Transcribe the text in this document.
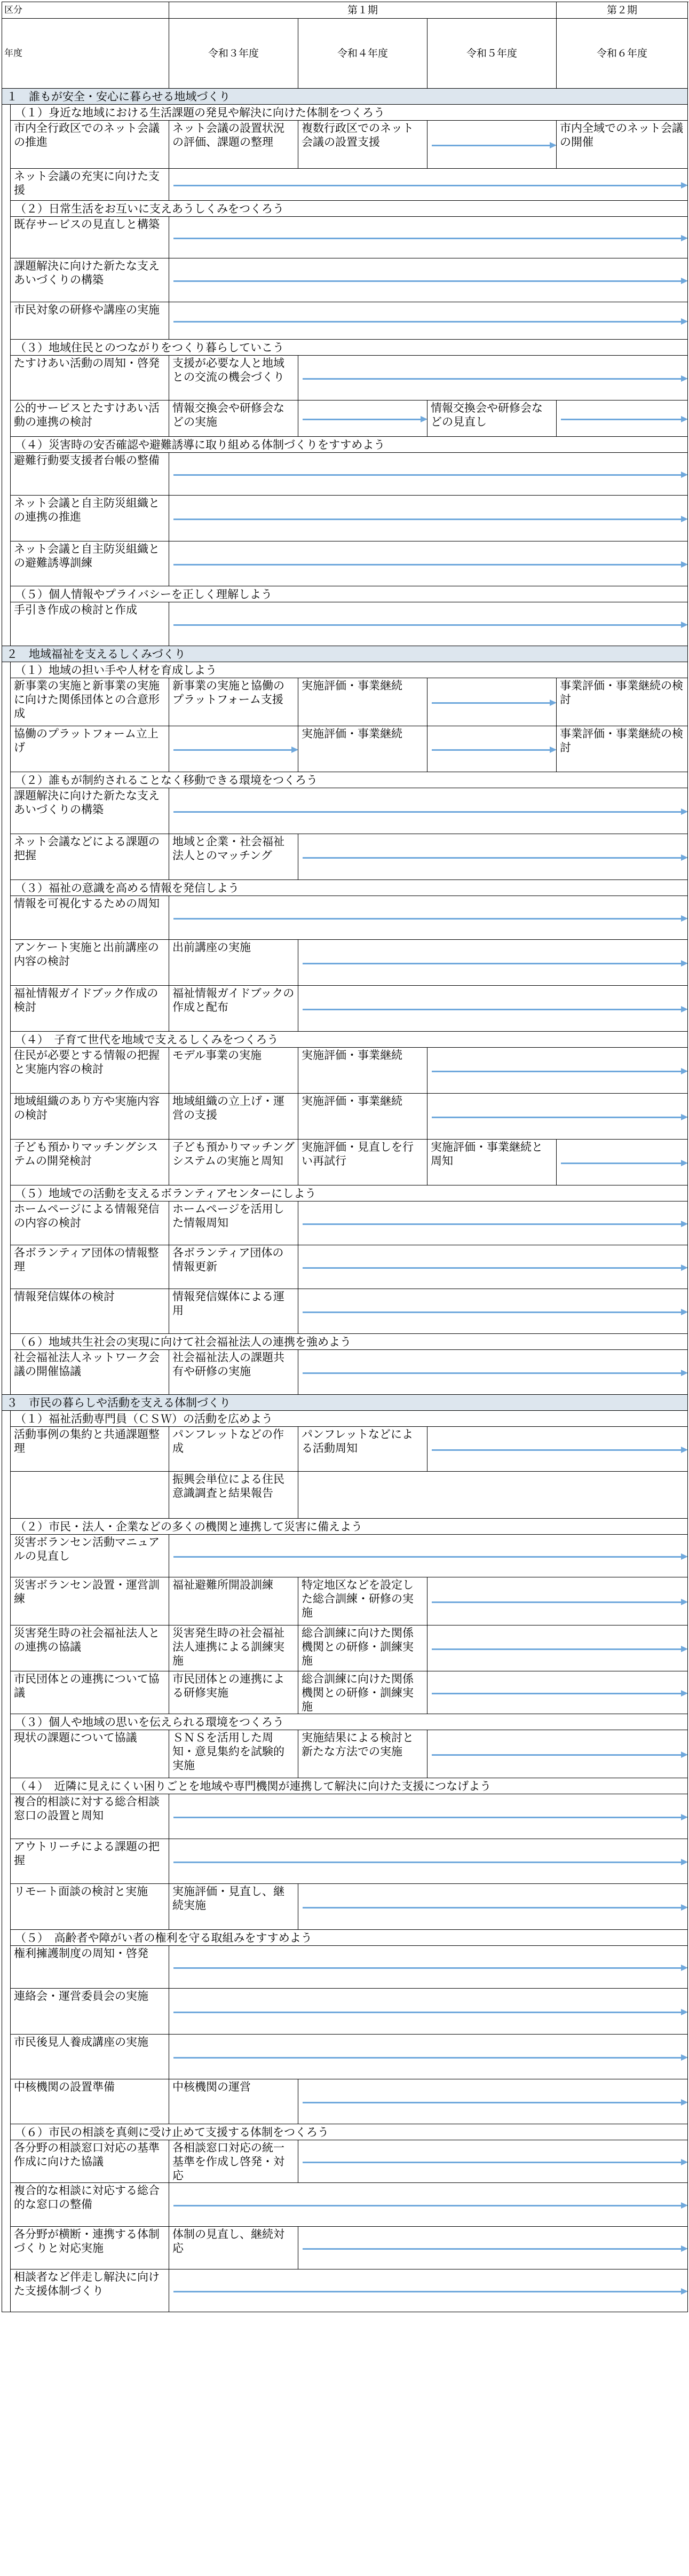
区分		第１期			第２期	
年度		令和３年度	令和４年度	令和５年度	令和６年度	
１　誰もが安全・安心に暮らせる地域づくり						
	（１）身近な地域における生活課題の発見や解決に向けた体制をつくろう					
	市内全行政区でのネット会議の推進	ネット会議の設置状況の評価、課題の整理	複数行政区でのネット会議の設置支援		市内全域でのネット会議の開催	
	ネット会議の充実に向けた支援					

	（２）日常生活をお互いに支えあうしくみをつくろう					
	既存サービスの見直しと構築					

	課題解決に向けた新たな支えあいづくりの構築					

	市民対象の研修や講座の実施					

	（３）地域住民とのつながりをつくり暮らしていこう					
	たすけあい活動の周知・啓発	支援が必要な人と地域との交流の機会づくり				

	公的サービスとたすけあい活動の連携の検討	情報交換会や研修会などの実施		情報交換会や研修会などの見直し		

	（４）災害時の安否確認や避難誘導に取り組める体制づくりをすすめよう					
	避難行動要支援者台帳の整備					

	ネット会議と自主防災組織との連携の推進					

	ネット会議と自主防災組織との避難誘導訓練					

	（５）個人情報やプライバシーを正しく理解しよう					
	手引き作成の検討と作成					

２　地域福祉を支えるしくみづくり						
	（１）地域の担い手や人材を育成しよう					
	新事業の実施と新事業の実施に向けた関係団体との合意形成	新事業の実施と協働のプラットフォーム支援	実施評価・事業継続		事業評価・事業継続の検討	
	協働のプラットフォーム立上げ		実施評価・事業継続		事業評価・事業継続の検討	
	（２）誰もが制約されることなく移動できる環境をつくろう					
	課題解決に向けた新たな支えあいづくりの構築					

	ネット会議などによる課題の把握	地域と企業・社会福祉法人とのマッチング				

	（３）福祉の意識を高める情報を発信しよう					
	情報を可視化するための周知					

	アンケート実施と出前講座の内容の検討	出前講座の実施				

	福祉情報ガイドブック作成の検討	福祉情報ガイドブックの作成と配布				

	（４）　子育て世代を地域で支えるしくみをつくろう					
	住民が必要とする情報の把握と実施内容の検討	モデル事業の実施	実施評価・事業継続			

	地域組織のあり方や実施内容の検討	地域組織の立上げ・運営の支援	実施評価・事業継続			

	子ども預かりマッチングシステムの開発検討	子ども預かりマッチングシステムの実施と周知	実施評価・見直しを行い再試行	実施評価・事業継続と周知		

	（５）地域での活動を支えるボランティアセンターにしよう					
	ホームページによる情報発信の内容の検討	ホームページを活用した情報周知				

	各ボランティア団体の情報整理	各ボランティア団体の情報更新				

	情報発信媒体の検討	情報発信媒体による運用				

	（６）地域共生社会の実現に向けて社会福祉法人の連携を強めよう					
	社会福祉法人ネットワーク会議の開催協議	社会福祉法人の課題共有や研修の実施				

３　市民の暮らしや活動を支える体制づくり						
	（１）福祉活動専門員（ＣＳＷ）の活動を広めよう					
	活動事例の集約と共通課題整理	パンフレットなどの作成	パンフレットなどによる活動周知			

		振興会単位による住民意識調査と結果報告				
	（２）市民・法人・企業などの多くの機関と連携して災害に備えよう					
	災害ボランセン活動マニュアルの見直し					

	災害ボランセン設置・運営訓練	福祉避難所開設訓練	特定地区などを設定した総合訓練・研修の実施			

	災害発生時の社会福祉法人との連携の協議	災害発生時の社会福祉法人連携による訓練実施	総合訓練に向けた関係機関との研修・訓練実施			

	市民団体との連携について協議	市民団体との連携による研修実施	総合訓練に向けた関係機関との研修・訓練実施			

	（３）個人や地域の思いを伝えられる環境をつくろう					
	現状の課題について協議	ＳＮＳを活用した周知・意見集約を試験的実施	実施結果による検討と新たな方法での実施			

	（４）　近隣に見えにくい困りごとを地域や専門機関が連携して解決に向けた支援につなげよう					
	複合的相談に対する総合相談窓口の設置と周知					

	アウトリーチによる課題の把握					

	リモート面談の検討と実施	実施評価・見直し、継続実施				

	（５）　高齢者や障がい者の権利を守る取組みをすすめよう					
	権利擁護制度の周知・啓発					

	連絡会・運営委員会の実施					

	市民後見人養成講座の実施					

	中核機関の設置準備	中核機関の運営				

	（６）市民の相談を真剣に受け止めて支援する体制をつくろう					
	各分野の相談窓口対応の基準作成に向けた協議	各相談窓口対応の統一基準を作成し啓発・対応				

	複合的な相談に対応する総合的な窓口の整備					

	各分野が横断・連携する体制づくりと対応実施	体制の見直し、継続対応				

	相談者など伴走し解決に向けた支援体制づくり					
